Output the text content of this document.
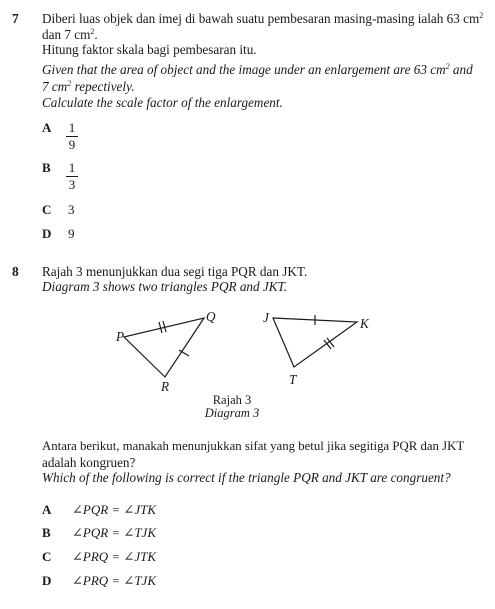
7 Diberi luas objek dan imej di bawah suatu pembesaran masing-masing ialah 63 $cm^2$
dan 7 $cm^2$.
Hitung faktor skala bagi pembesaran itu.
Given that the area of object and the image under an enlargement are 63 $cm^2$ and
7 $cm^2$ repectively.
Calculate the scale factor of the enlargement.
A 1
9
B 1
3
C 3
D 9
8 Rajah 3 menunjukkan dua segi tiga PQR dan JKT.
Diagram 3 shows two triangles PQR and JKT.
P
Q
R
J	K
T
Rajah 3
Diagram 3
Antara berikut, manakah menunjukkan sifat yang betul jika segitiga PQR dan JKT
adalah kongruen?
Which of the following is correct if the triangle PQR and JKT are congruent?
A ∠PQR = ∠JTK
B ∠PQR = ∠TJK
C ∠PRQ = ∠JTK
D ∠PRQ = ∠TJK
